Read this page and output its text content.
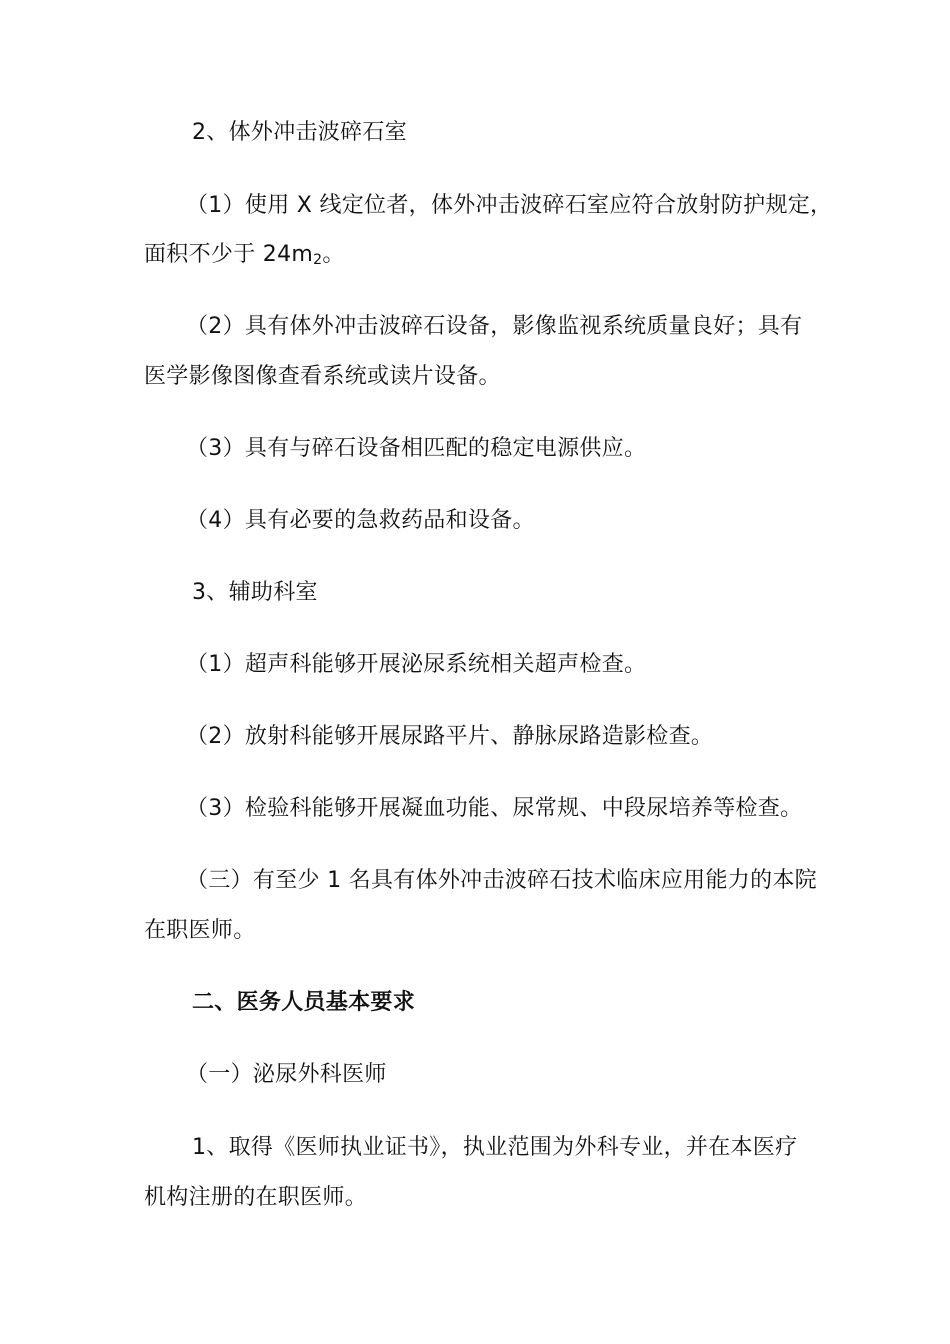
2、体外冲击波碎石室
（1）使用 X 线定位者，体外冲击波碎石室应符合放射防护规定，
面积不少于 $24m_2$。
（2）具有体外冲击波碎石设备，影像监视系统质量良好；具有
医学影像图像查看系统或读片设备。
（3）具有与碎石设备相匹配的稳定电源供应。
（4）具有必要的急救药品和设备。
3、辅助科室
（1）超声科能够开展泌尿系统相关超声检查。
（2）放射科能够开展尿路平片、静脉尿路造影检查。
（3）检验科能够开展凝血功能、尿常规、中段尿培养等检查。
（三）有至少 1 名具有体外冲击波碎石技术临床应用能力的本院
在职医师。
二、医务人员基本要求
（一）泌尿外科医师
1、取得《医师执业证书》，执业范围为外科专业，并在本医疗
机构注册的在职医师。
